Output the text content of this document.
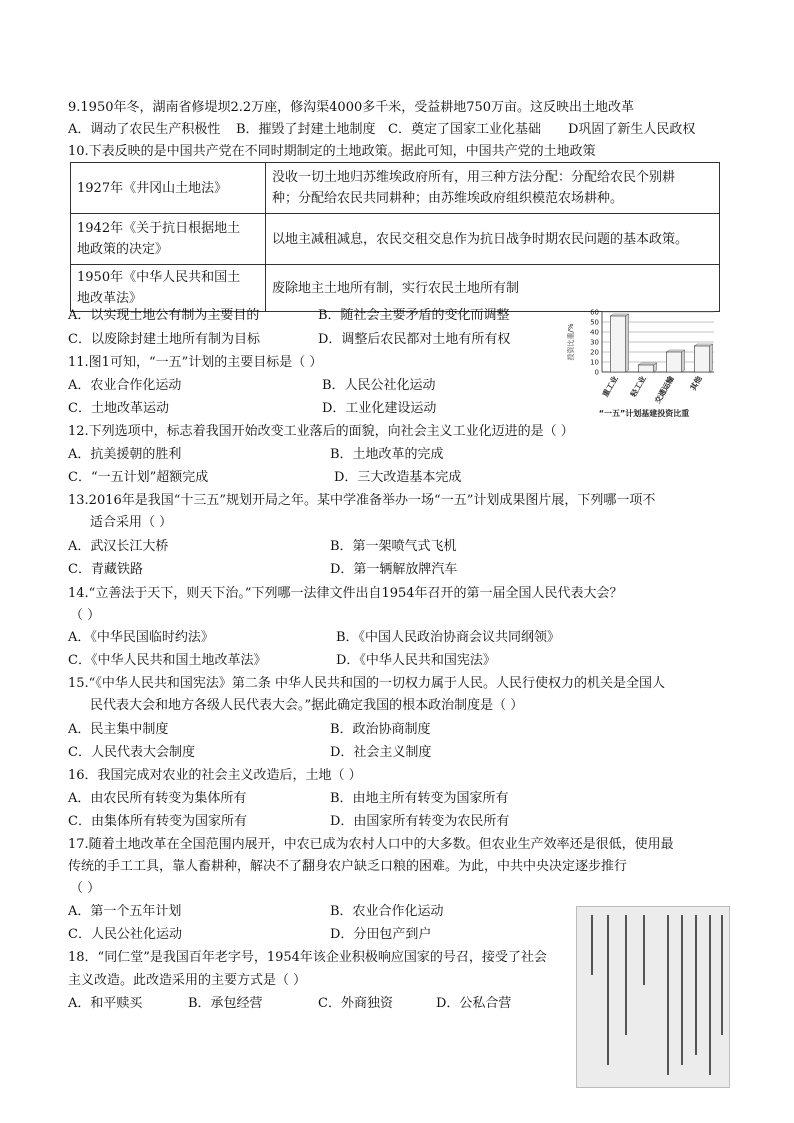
9.1950年冬，湖南省修堤坝2.2万座，修沟渠4000多千米，受益耕地750万亩。这反映出土地改革
A．调动了农民生产积极性 B．摧毁了封建土地制度 C．奠定了国家工业化基础 D巩固了新生人民政权
10.下表反映的是中国共产党在不同时期制定的土地政策。据此可知，中国共产党的土地政策
1927年《井冈山土地法》	没收一切土地归苏维埃政府所有，用三种方法分配：分配给农民个别耕
种；分配给农民共同耕种；由苏维埃政府组织模范农场耕种。

1942年《关于抗日根据地土
地政策的决定》	以地主减租减息，农民交租交息作为抗日战争时期农民问题的基本政策。

1950年《中华人民共和国土
地改革法》	废除地主土地所有制，实行农民土地所有制
A．以实现土地公有制为主要目的	B．随社会主要矛盾的变化而调整
C．以废除封建土地所有制为目标	D．调整后农民都对土地有所有权
11.图1可知，“一五”计划的主要目标是（ ）
A．农业合作化运动	B．人民公社化运动
C．土地改革运动	D．工业化建设运动
投资比重/%
0
10
20
30
40
50
60
重工业 轻工业 交通运输 其他
“一五”计划基建投资比重
12.下列选项中，标志着我国开始改变工业落后的面貌，向社会主义工业化迈进的是（ ）
A．抗美援朝的胜利	B．土地改革的完成
C．“一五计划”超额完成	D．三大改造基本完成
13.2016年是我国“十三五”规划开局之年。某中学准备举办一场“一五”计划成果图片展，下列哪一项不
适合采用（ ）
A．武汉长江大桥	B．第一架喷气式飞机
C．青藏铁路	D．第一辆解放牌汽车
14.“立善法于天下，则天下治。”下列哪一法律文件出自1954年召开的第一届全国人民代表大会？
（ ）
A．《中华民国临时约法》	B．《中国人民政治协商会议共同纲领》
C．《中华人民共和国土地改革法》	D．《中华人民共和国宪法》
15.“《中华人民共和国宪法》第二条 中华人民共和国的一切权力属于人民。人民行使权力的机关是全国人
民代表大会和地方各级人民代表大会。”据此确定我国的根本政治制度是（ ）
A．民主集中制度	B．政治协商制度
C．人民代表大会制度	D．社会主义制度
16．我国完成对农业的社会主义改造后，土地（ ）
A．由农民所有转变为集体所有	B．由地主所有转变为国家所有
C．由集体所有转变为国家所有	D．由国家所有转变为农民所有
17.随着土地改革在全国范围内展开，中农已成为农村人口中的大多数。但农业生产效率还是很低，使用最
传统的手工工具，靠人畜耕种，解决不了翻身农户缺乏口粮的困难。为此，中共中央决定逐步推行
（ ）
A．第一个五年计划	B．农业合作化运动
C．人民公社化运动	D．分田包产到户
18．“同仁堂”是我国百年老字号，1954年该企业积极响应国家的号召，接受了社会
主义改造。此改造采用的主要方式是（ ）
A．和平赎买	B．承包经营	C．外商独资	D．公私合营
